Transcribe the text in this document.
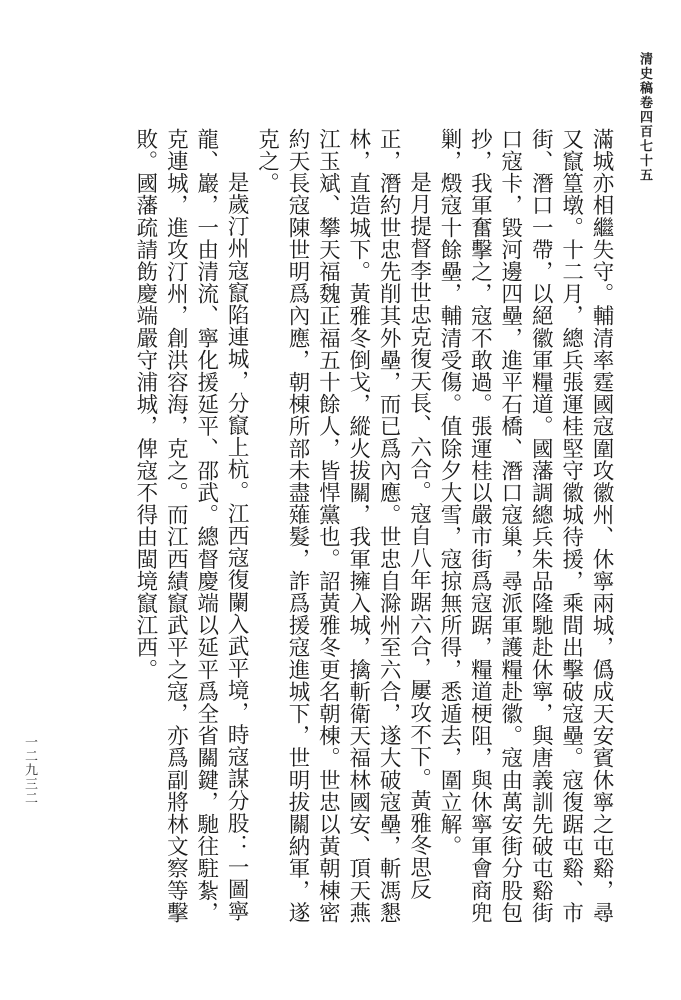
清史稿卷四百七十五

滿城亦相繼失守。輔清率霆國寇圍攻徽州、休寧兩城，僞成天安賓休寧之屯谿，尋又竄篁墩。十二月，總兵張運桂堅守徽城待援，乘間出擊破寇壘。寇復踞屯谿、市街、潛口一帶，以絕徽軍糧道。國藩調總兵朱品隆馳赴休寧，與唐義訓先破屯谿街口寇卡，毀河邊四壘，進平石橋、潛口寇巢，尋派軍護糧赴徽。寇由萬安街分股包抄，我軍奮擊之，寇不敢過。張運桂以嚴市街爲寇踞，糧道梗阻，與休寧軍會商兜剿，燬寇十餘壘，輔清受傷。值除夕大雪，寇掠無所得，悉遁去，圍立解。

是月提督李世忠克復天長、六合。寇自八年踞六合，屢攻不下。黃雅冬思反正，潛約世忠先削其外壘，而已爲內應。世忠自滁州至六合，遂大破寇壘，斬馮懇林，直造城下。黃雅冬倒戈，縱火拔關，我軍擁入城，擒斬衛天福林國安、頂天燕江玉斌、攀天福魏正福五十餘人，皆悍黨也。詔黃雅冬更名朝棟。世忠以黃朝棟密約天長寇陳世明爲內應，朝棟所部未盡薙髮，詐爲援寇進城下，世明拔關納軍，遂克之。

是歲汀州寇竄陷連城，分竄上杭。江西寇復闌入武平境，時寇謀分股：一圖寧龍、巖，一由清流、寧化援延平、邵武。總督慶端以延平爲全省關鍵，馳往駐紮，克連城，進攻汀州，創洪容海，克之。而江西績竄武平之寇，亦爲副將林文察等擊敗。國藩疏請飭慶端嚴守浦城，俾寇不得由閩境竄江西。

一二九三二
